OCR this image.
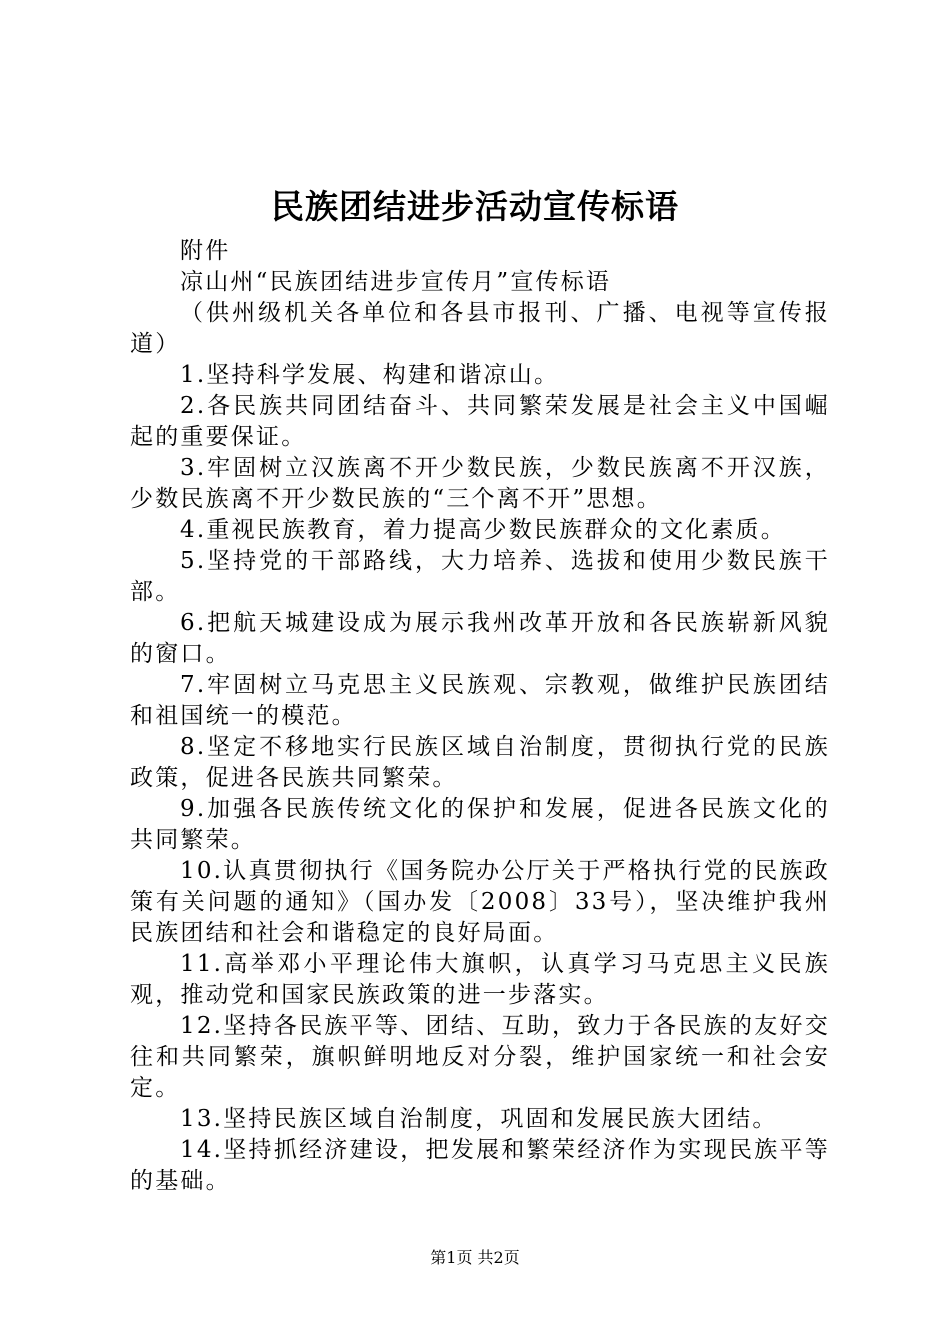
民族团结进步活动宣传标语

附件

凉山州“民族团结进步宣传月”宣传标语

（供州级机关各单位和各县市报刊、广播、电视等宣传报道）

1.坚持科学发展、构建和谐凉山。

2.各民族共同团结奋斗、共同繁荣发展是社会主义中国崛起的重要保证。

3.牢固树立汉族离不开少数民族，少数民族离不开汉族，少数民族离不开少数民族的“三个离不开”思想。

4.重视民族教育，着力提高少数民族群众的文化素质。

5.坚持党的干部路线，大力培养、选拔和使用少数民族干部。

6.把航天城建设成为展示我州改革开放和各民族崭新风貌的窗口。

7.牢固树立马克思主义民族观、宗教观，做维护民族团结和祖国统一的模范。

8.坚定不移地实行民族区域自治制度，贯彻执行党的民族政策，促进各民族共同繁荣。

9.加强各民族传统文化的保护和发展，促进各民族文化的共同繁荣。

10.认真贯彻执行《国务院办公厅关于严格执行党的民族政策有关问题的通知》（国办发〔2008〕33号），坚决维护我州民族团结和社会和谐稳定的良好局面。

11.高举邓小平理论伟大旗帜，认真学习马克思主义民族观，推动党和国家民族政策的进一步落实。

12.坚持各民族平等、团结、互助，致力于各民族的友好交往和共同繁荣，旗帜鲜明地反对分裂，维护国家统一和社会安定。

13.坚持民族区域自治制度，巩固和发展民族大团结。

14.坚持抓经济建设，把发展和繁荣经济作为实现民族平等的基础。

第1页 共2页
